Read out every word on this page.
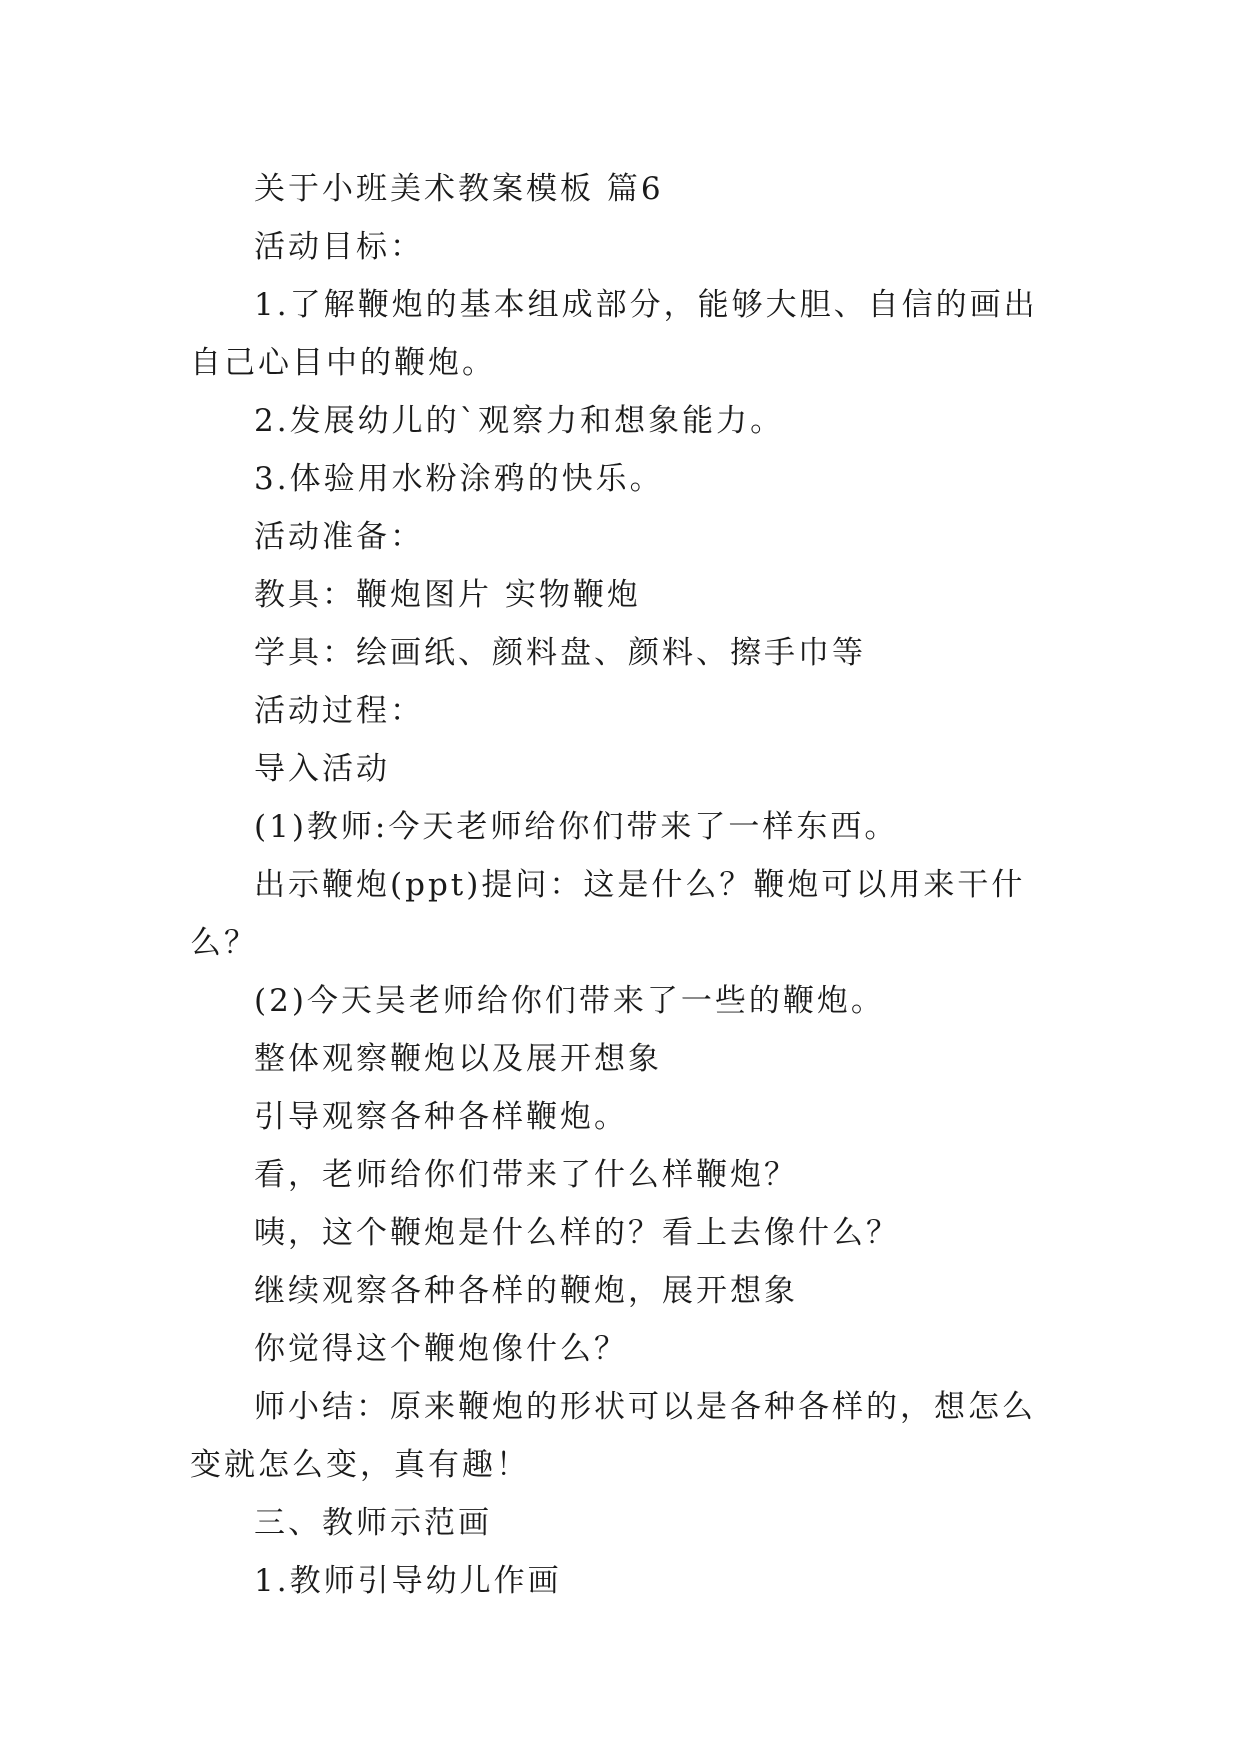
关于小班美术教案模板 篇6

活动目标：

1.了解鞭炮的基本组成部分，能够大胆、自信的画出自己心目中的鞭炮。

2.发展幼儿的`观察力和想象能力。

3.体验用水粉涂鸦的快乐。

活动准备：

教具：鞭炮图片 实物鞭炮

学具：绘画纸、颜料盘、颜料、擦手巾等

活动过程：

导入活动

(1)教师:今天老师给你们带来了一样东西。

出示鞭炮(ppt)提问：这是什么？鞭炮可以用来干什么？

(2)今天吴老师给你们带来了一些的鞭炮。

整体观察鞭炮以及展开想象

引导观察各种各样鞭炮。

看，老师给你们带来了什么样鞭炮？

咦，这个鞭炮是什么样的？看上去像什么？

继续观察各种各样的鞭炮，展开想象

你觉得这个鞭炮像什么？

师小结：原来鞭炮的形状可以是各种各样的，想怎么变就怎么变，真有趣！

三、教师示范画

1.教师引导幼儿作画
